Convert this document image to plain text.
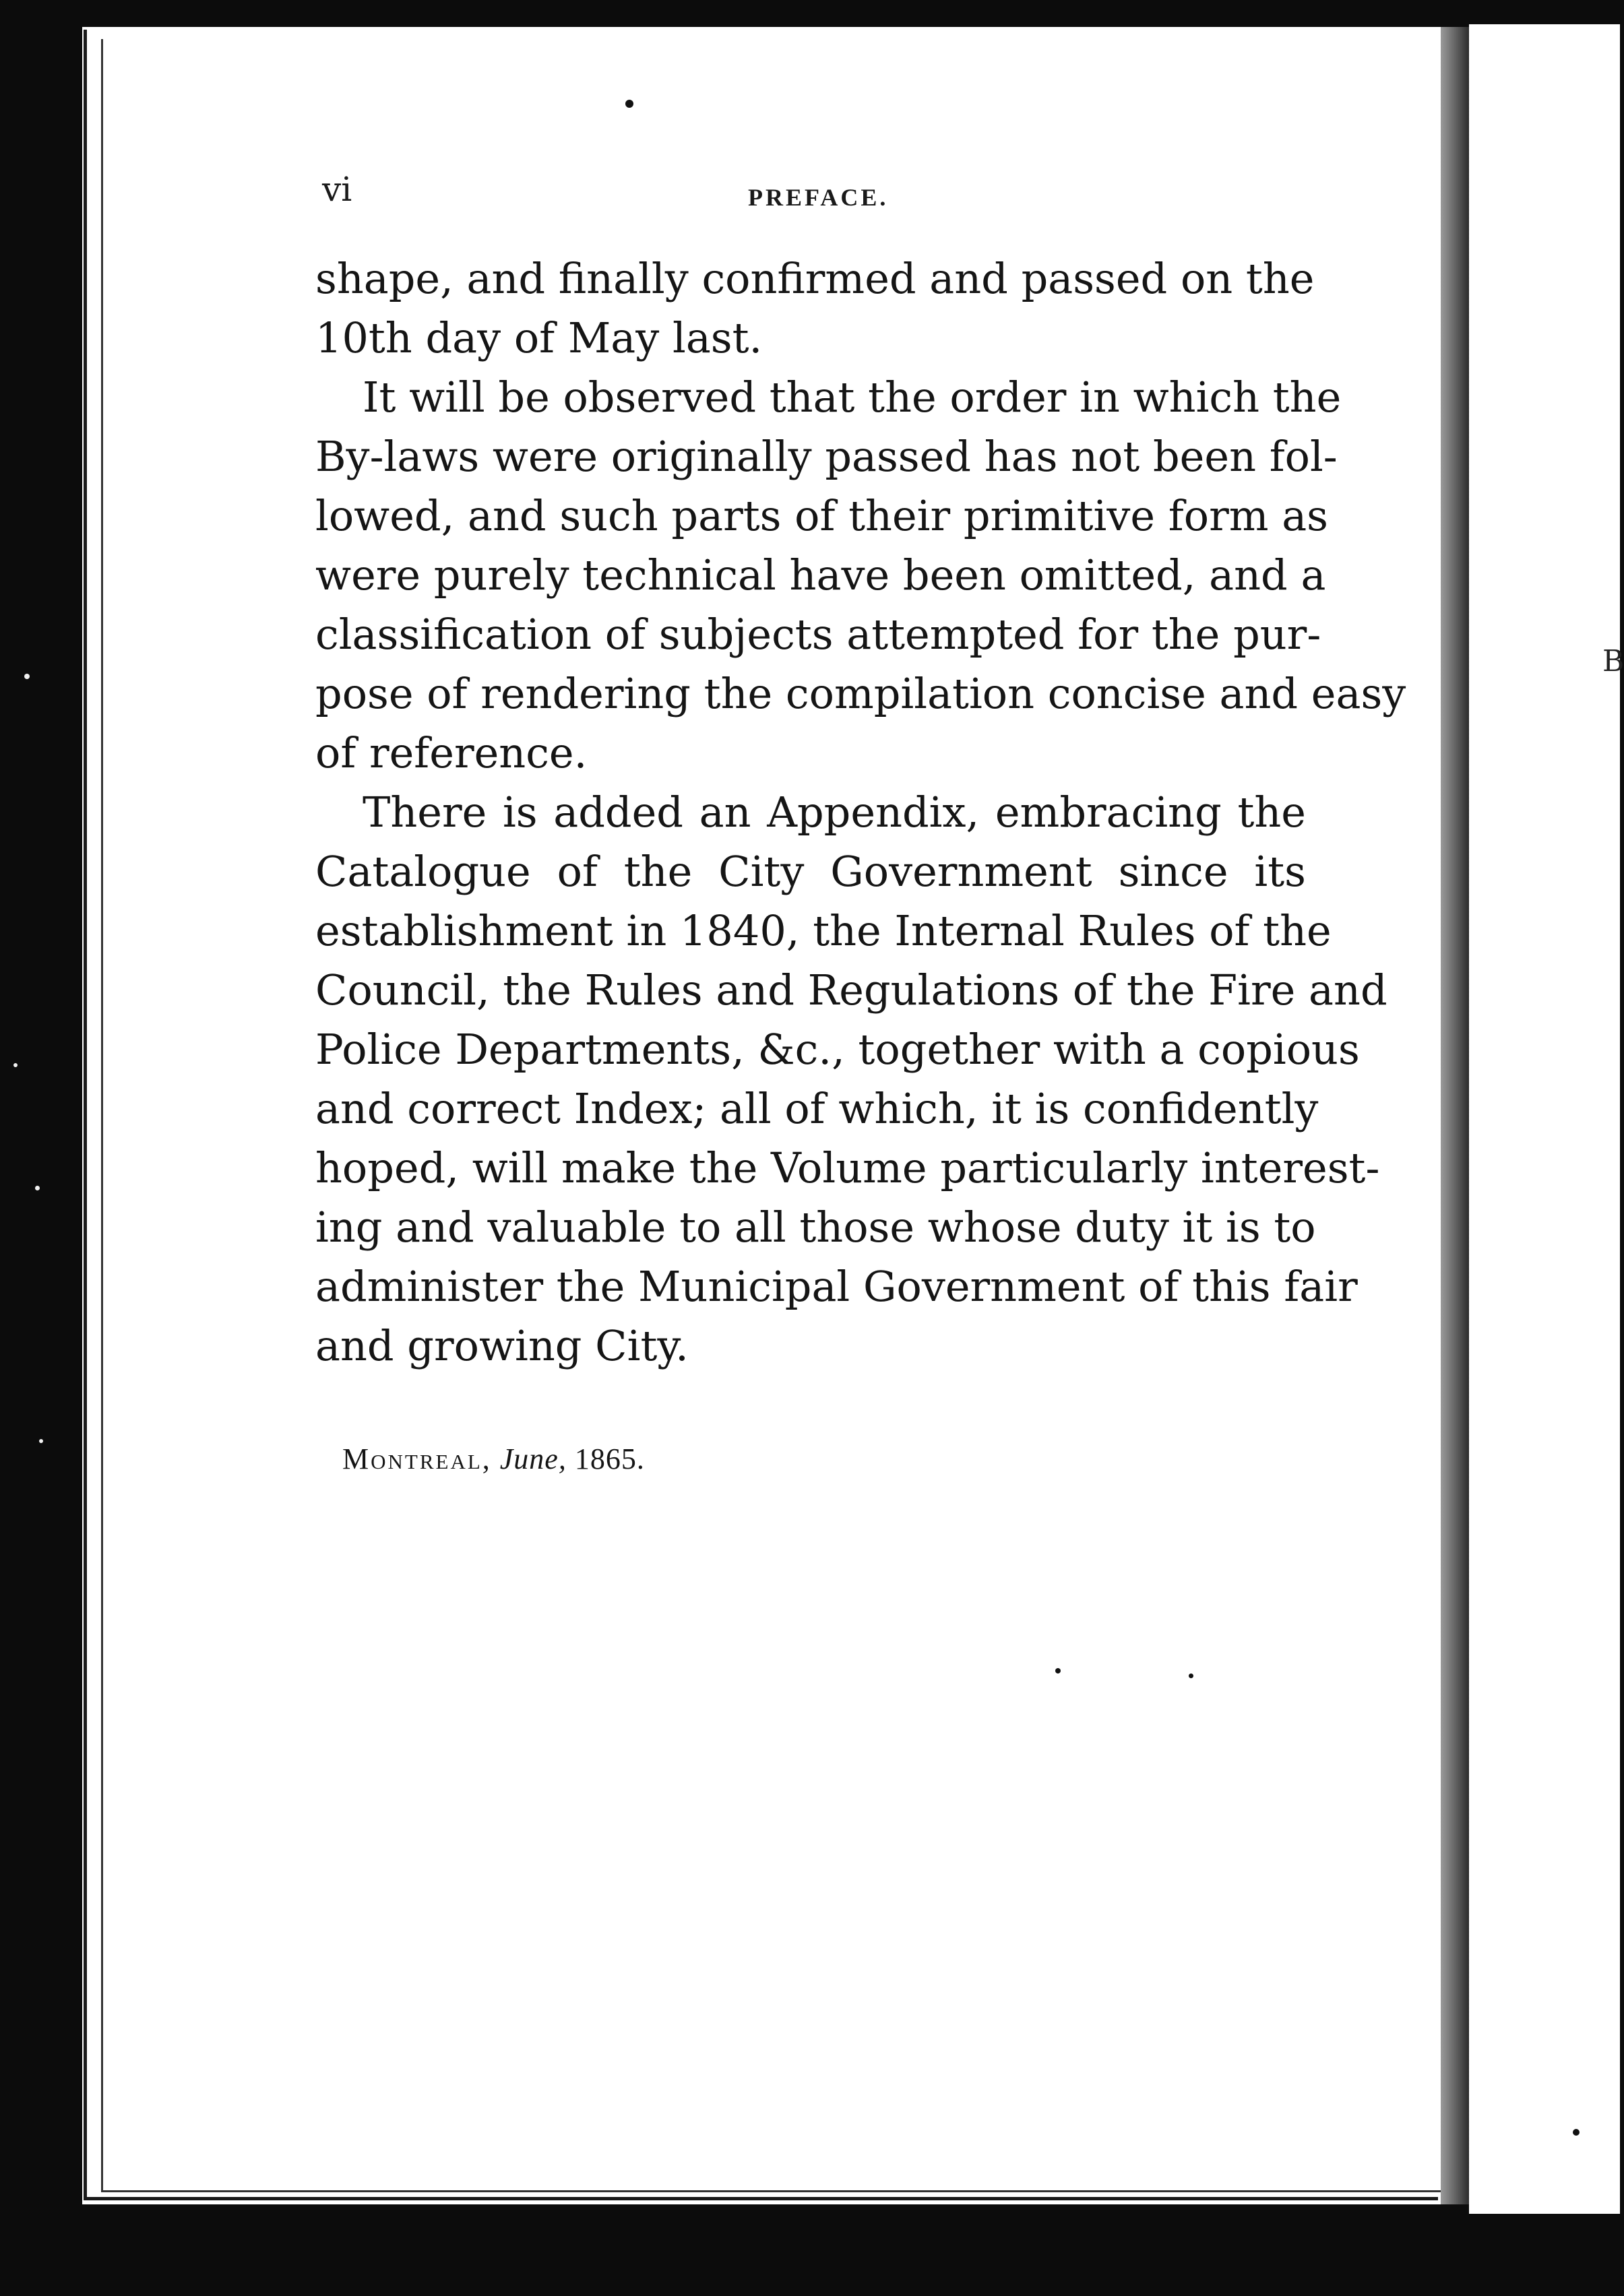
B
vi	PREFACE.

shape, and finally confirmed and passed on the
10th day of May last.

It will be observed that the order in which the
By-laws were originally passed has not been fol-
lowed, and such parts of their primitive form as
were purely technical have been omitted, and a
classification of subjects attempted for the pur-
pose of rendering the compilation concise and easy
of reference.

There is added an Appendix, embracing the
Catalogue of the City Government since its
establishment in 1840, the Internal Rules of the
Council, the Rules and Regulations of the Fire and
Police Departments, &c., together with a copious
and correct Index; all of which, it is confidently
hoped, will make the Volume particularly interest-
ing and valuable to all those whose duty it is to
administer the Municipal Government of this fair
and growing City.

Montreal, June, 1865.
